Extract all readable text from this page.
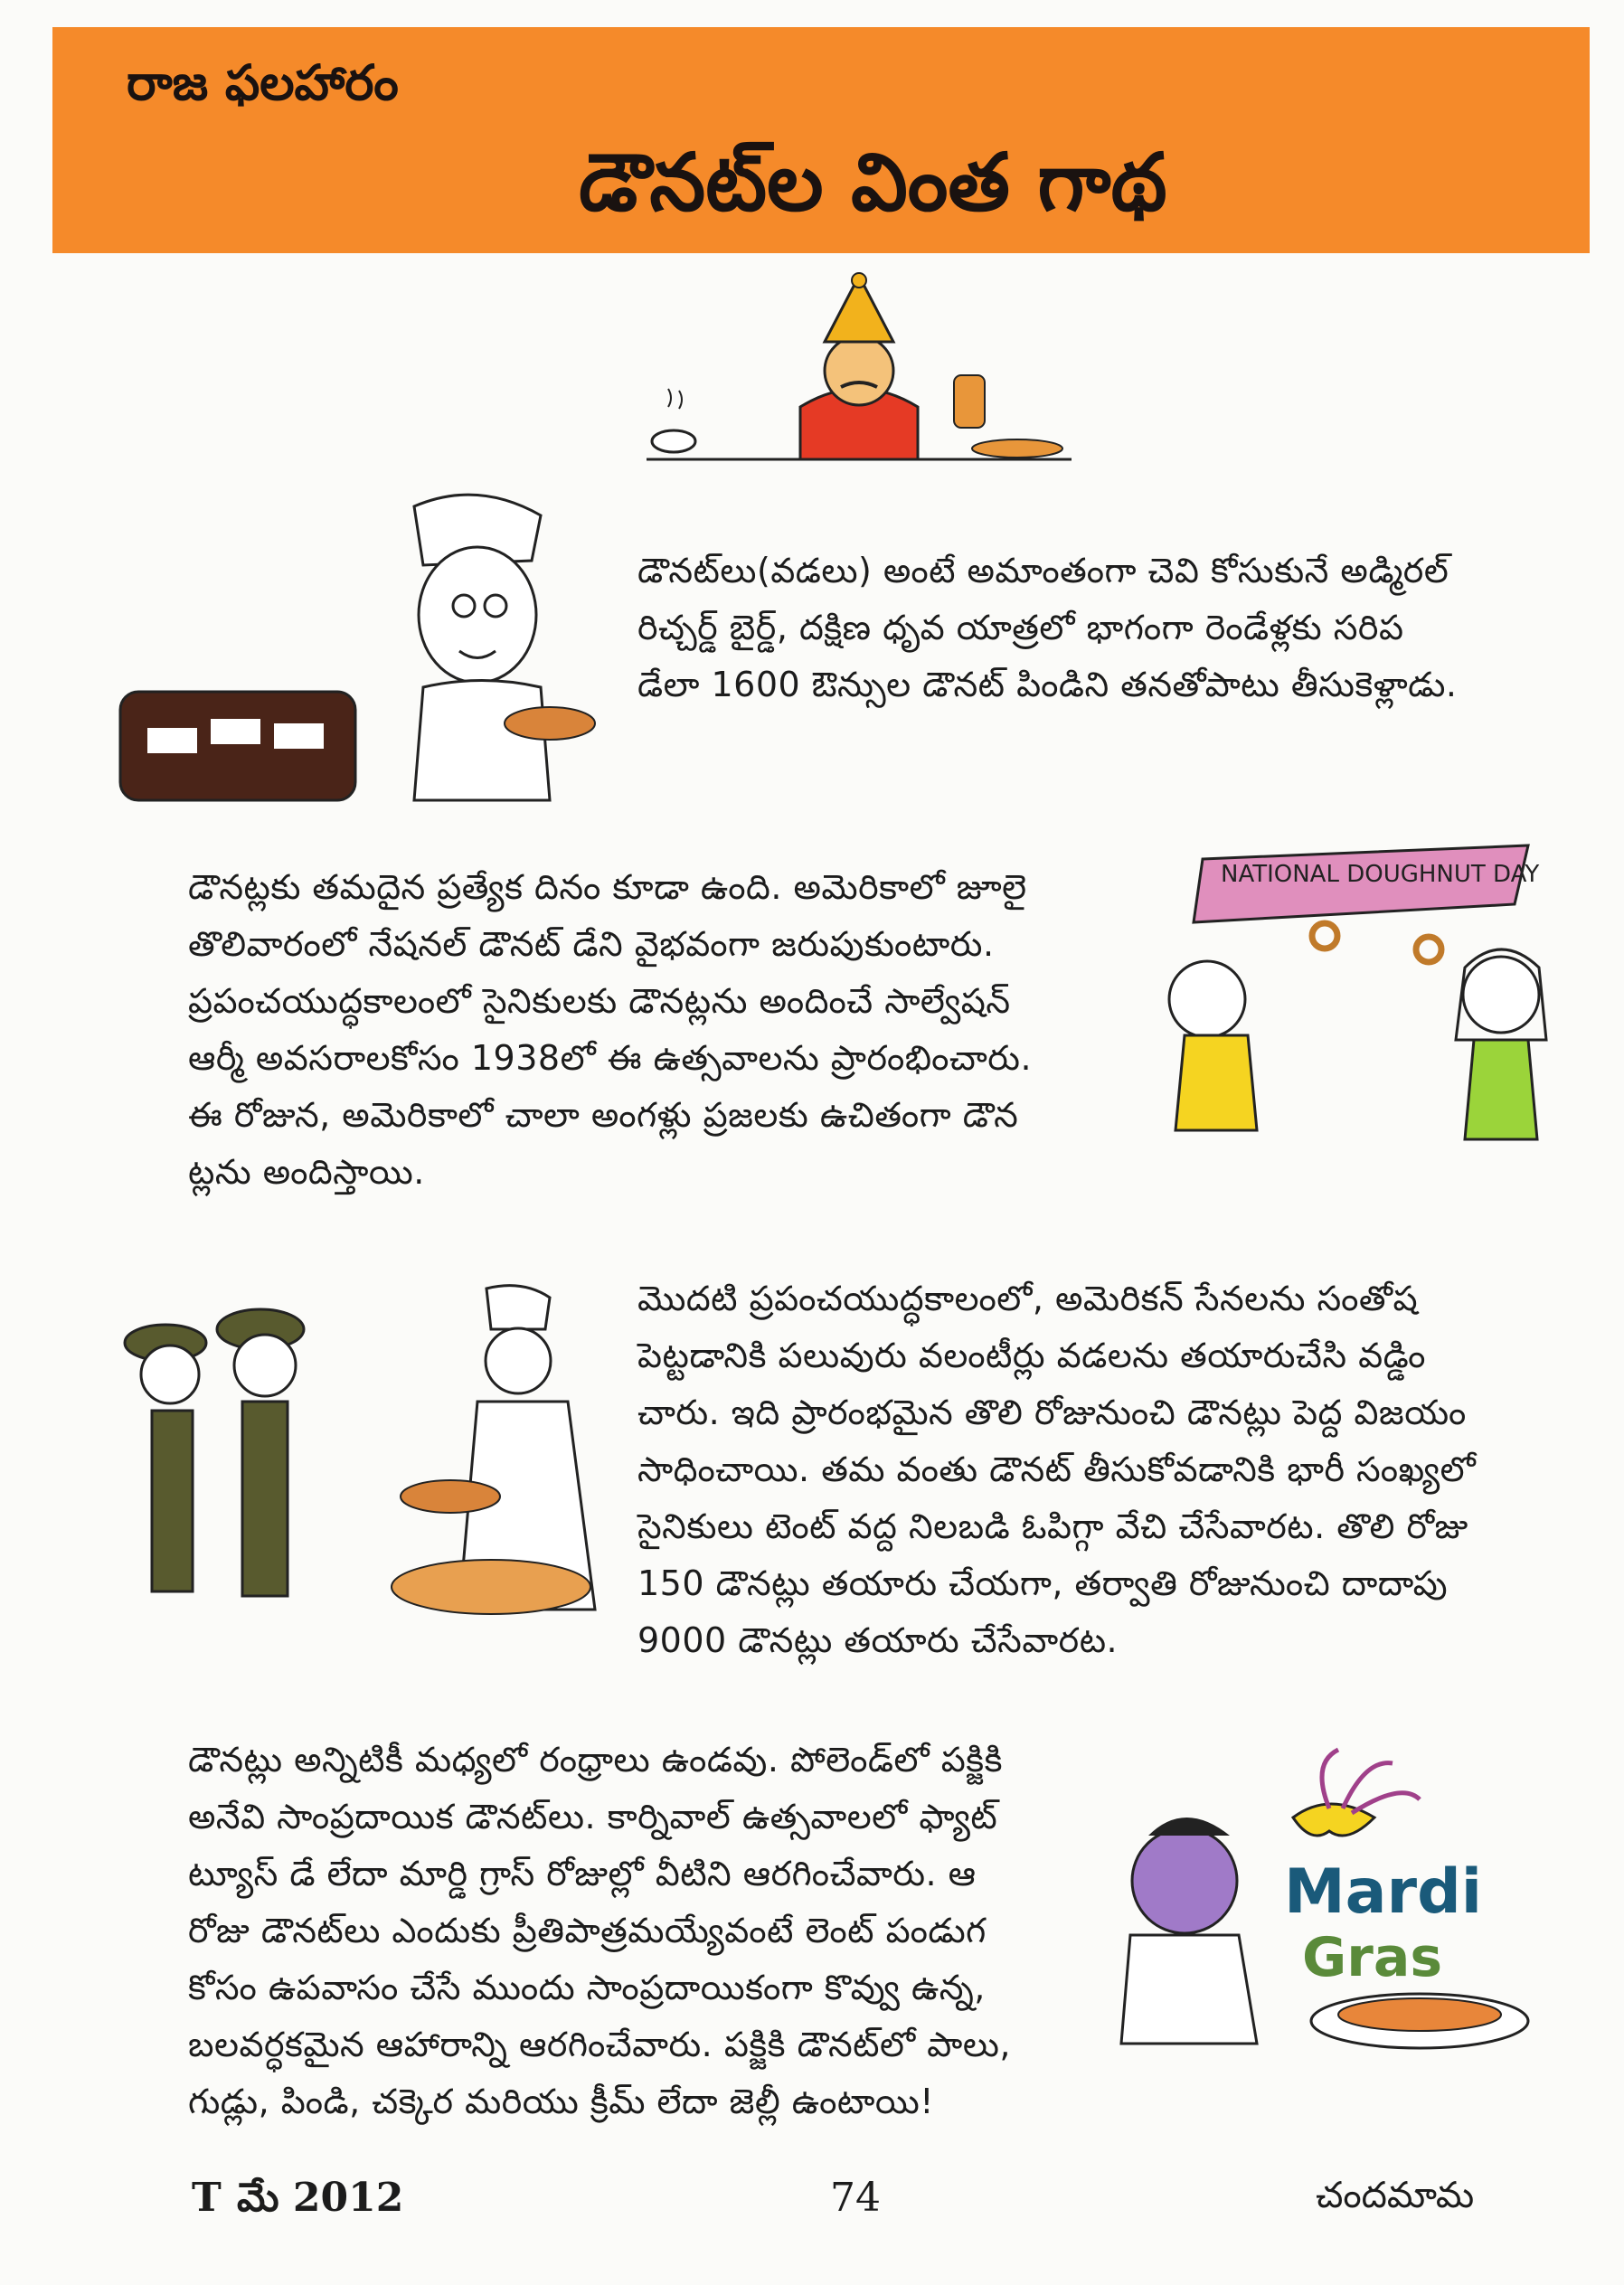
రాజ ఫలహారం
డౌనట్‌ల వింత గాథ
డౌనట్‌లు(వడలు) అంటే అమాంతంగా చెవి కోసుకునే అడ్మిరల్
రిచ్చర్డ్ బైర్డ్, దక్షిణ ధృవ యాత్రలో భాగంగా రెండేళ్లకు సరిప
డేలా 1600 ఔన్సుల డౌనట్ పిండిని తనతోపాటు తీసుకెళ్లాడు.
డౌనట్లకు తమదైన ప్రత్యేక దినం కూడా ఉంది. అమెరికాలో జూలై
తొలివారంలో నేషనల్ డౌనట్ డేని వైభవంగా జరుపుకుంటారు.
ప్రపంచయుద్ధకాలంలో సైనికులకు డౌనట్లను అందించే సాల్వేషన్
ఆర్మీ అవసరాలకోసం 1938లో ఈ ఉత్సవాలను ప్రారంభించారు.
ఈ రోజున, అమెరికాలో చాలా అంగళ్లు ప్రజలకు ఉచితంగా డౌన
ట్లను అందిస్తాయి.
NATIONAL DOUGHNUT DAY
మొదటి ప్రపంచయుద్ధకాలంలో, అమెరికన్ సేనలను సంతోష
పెట్టడానికి పలువురు వలంటీర్లు వడలను తయారుచేసి వడ్డిం
చారు. ఇది ప్రారంభమైన తొలి రోజునుంచి డౌనట్లు పెద్ద విజయం
సాధించాయి. తమ వంతు డౌనట్ తీసుకోవడానికి భారీ సంఖ్యలో
సైనికులు టెంట్ వద్ద నిలబడి ఓపిగ్గా వేచి చేసేవారట. తొలి రోజు
150 డౌనట్లు తయారు చేయగా, తర్వాతి రోజునుంచి దాదాపు
9000 డౌనట్లు తయారు చేసేవారట.
డౌనట్లు అన్నిటికీ మధ్యలో రంధ్రాలు ఉండవు. పోలెండ్‌లో పక్జికి
అనేవి సాంప్రదాయిక డౌనట్‌లు. కార్నివాల్ ఉత్సవాలలో ఫ్యాట్
ట్యూస్ డే లేదా మార్డి గ్రాస్ రోజుల్లో వీటిని ఆరగించేవారు. ఆ
రోజు డౌనట్‌లు ఎందుకు ప్రీతిపాత్రమయ్యేవంటే లెంట్ పండుగ
కోసం ఉపవాసం చేసే ముందు సాంప్రదాయికంగా కొవ్వు ఉన్న,
బలవర్ధకమైన ఆహారాన్ని ఆరగించేవారు. పక్జికి డౌనట్‌లో పాలు,
గుడ్లు, పిండి, చక్కెర మరియు క్రీమ్ లేదా జెల్లీ ఉంటాయి!
Mardi
Gras
T మే 2012	74	చందమామ
